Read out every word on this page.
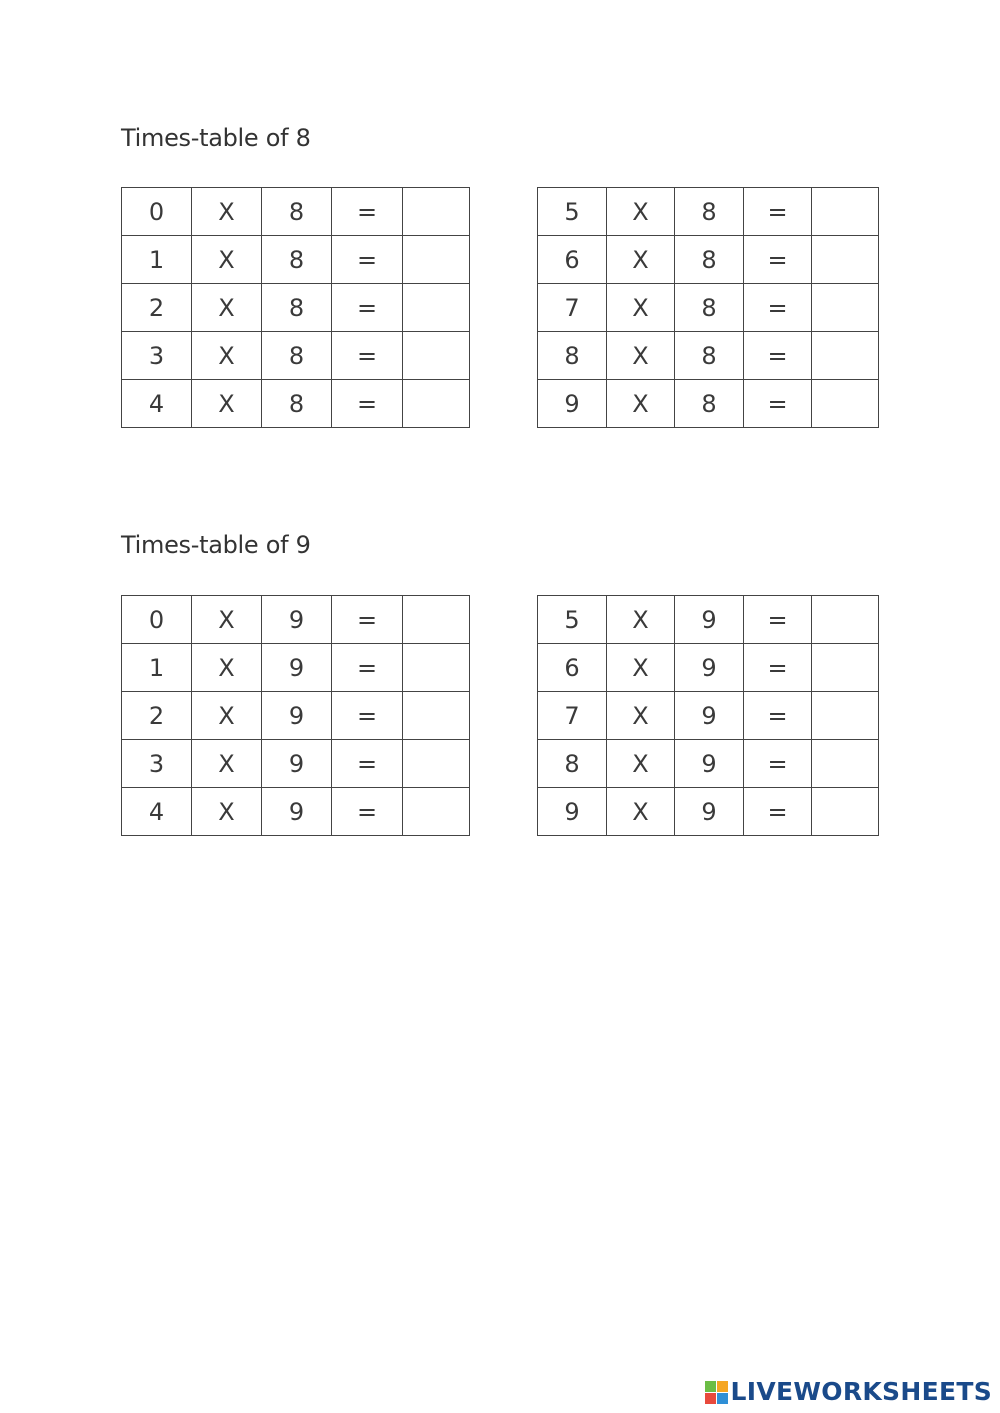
Times-table of 8
0	X	8	=	
1	X	8	=	
2	X	8	=	
3	X	8	=	
4	X	8	=	
5	X	8	=	
6	X	8	=	
7	X	8	=	
8	X	8	=	
9	X	8	=	
Times-table of 9
0	X	9	=	
1	X	9	=	
2	X	9	=	
3	X	9	=	
4	X	9	=	
5	X	9	=	
6	X	9	=	
7	X	9	=	
8	X	9	=	
9	X	9	=	
LIVEWORKSHEETS
